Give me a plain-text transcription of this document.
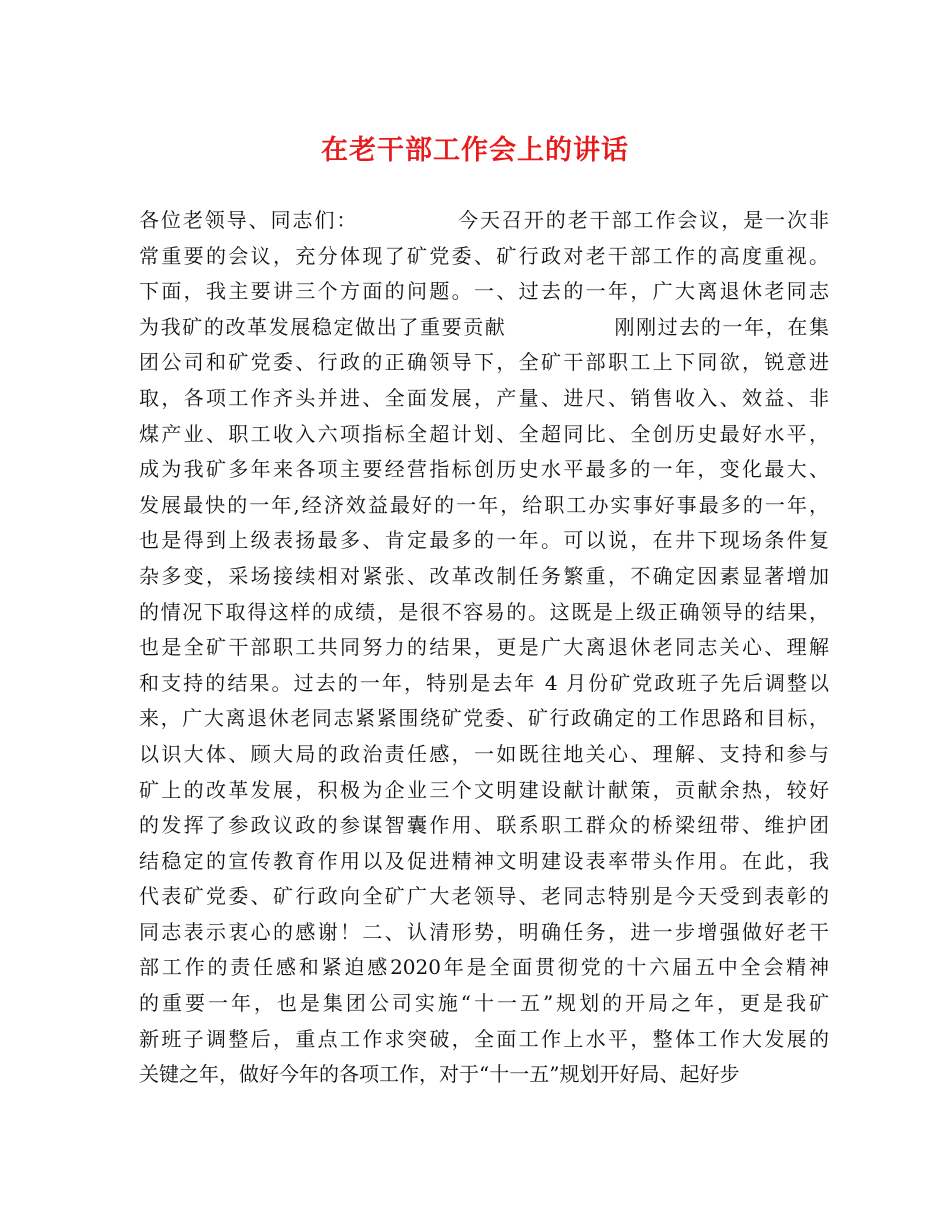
在老干部工作会上的讲话
各位老领导、同志们：　　　　　今天召开的老干部工作会议，是一次非
常重要的会议，充分体现了矿党委、矿行政对老干部工作的高度重视。
下面，我主要讲三个方面的问题。一、过去的一年，广大离退休老同志
为我矿的改革发展稳定做出了重要贡献　　　　　刚刚过去的一年，在集
团公司和矿党委、行政的正确领导下，全矿干部职工上下同欲，锐意进
取，各项工作齐头并进、全面发展，产量、进尺、销售收入、效益、非
煤产业、职工收入六项指标全超计划、全超同比、全创历史最好水平，
成为我矿多年来各项主要经营指标创历史水平最多的一年，变化最大、
发展最快的一年,经济效益最好的一年，给职工办实事好事最多的一年，
也是得到上级表扬最多、肯定最多的一年。可以说，在井下现场条件复
杂多变，采场接续相对紧张、改革改制任务繁重，不确定因素显著增加
的情况下取得这样的成绩，是很不容易的。这既是上级正确领导的结果，
也是全矿干部职工共同努力的结果，更是广大离退休老同志关心、理解
和支持的结果。过去的一年，特别是去年 4 月份矿党政班子先后调整以
来，广大离退休老同志紧紧围绕矿党委、矿行政确定的工作思路和目标，
以识大体、顾大局的政治责任感，一如既往地关心、理解、支持和参与
矿上的改革发展，积极为企业三个文明建设献计献策，贡献余热，较好
的发挥了参政议政的参谋智囊作用、联系职工群众的桥梁纽带、维护团
结稳定的宣传教育作用以及促进精神文明建设表率带头作用。在此，我
代表矿党委、矿行政向全矿广大老领导、老同志特别是今天受到表彰的
同志表示衷心的感谢！二、认清形势，明确任务，进一步增强做好老干
部工作的责任感和紧迫感2020年是全面贯彻党的十六届五中全会精神
的重要一年，也是集团公司实施“十一五”规划的开局之年，更是我矿
新班子调整后，重点工作求突破，全面工作上水平，整体工作大发展的
关键之年，做好今年的各项工作，对于“十一五”规划开好局、起好步
